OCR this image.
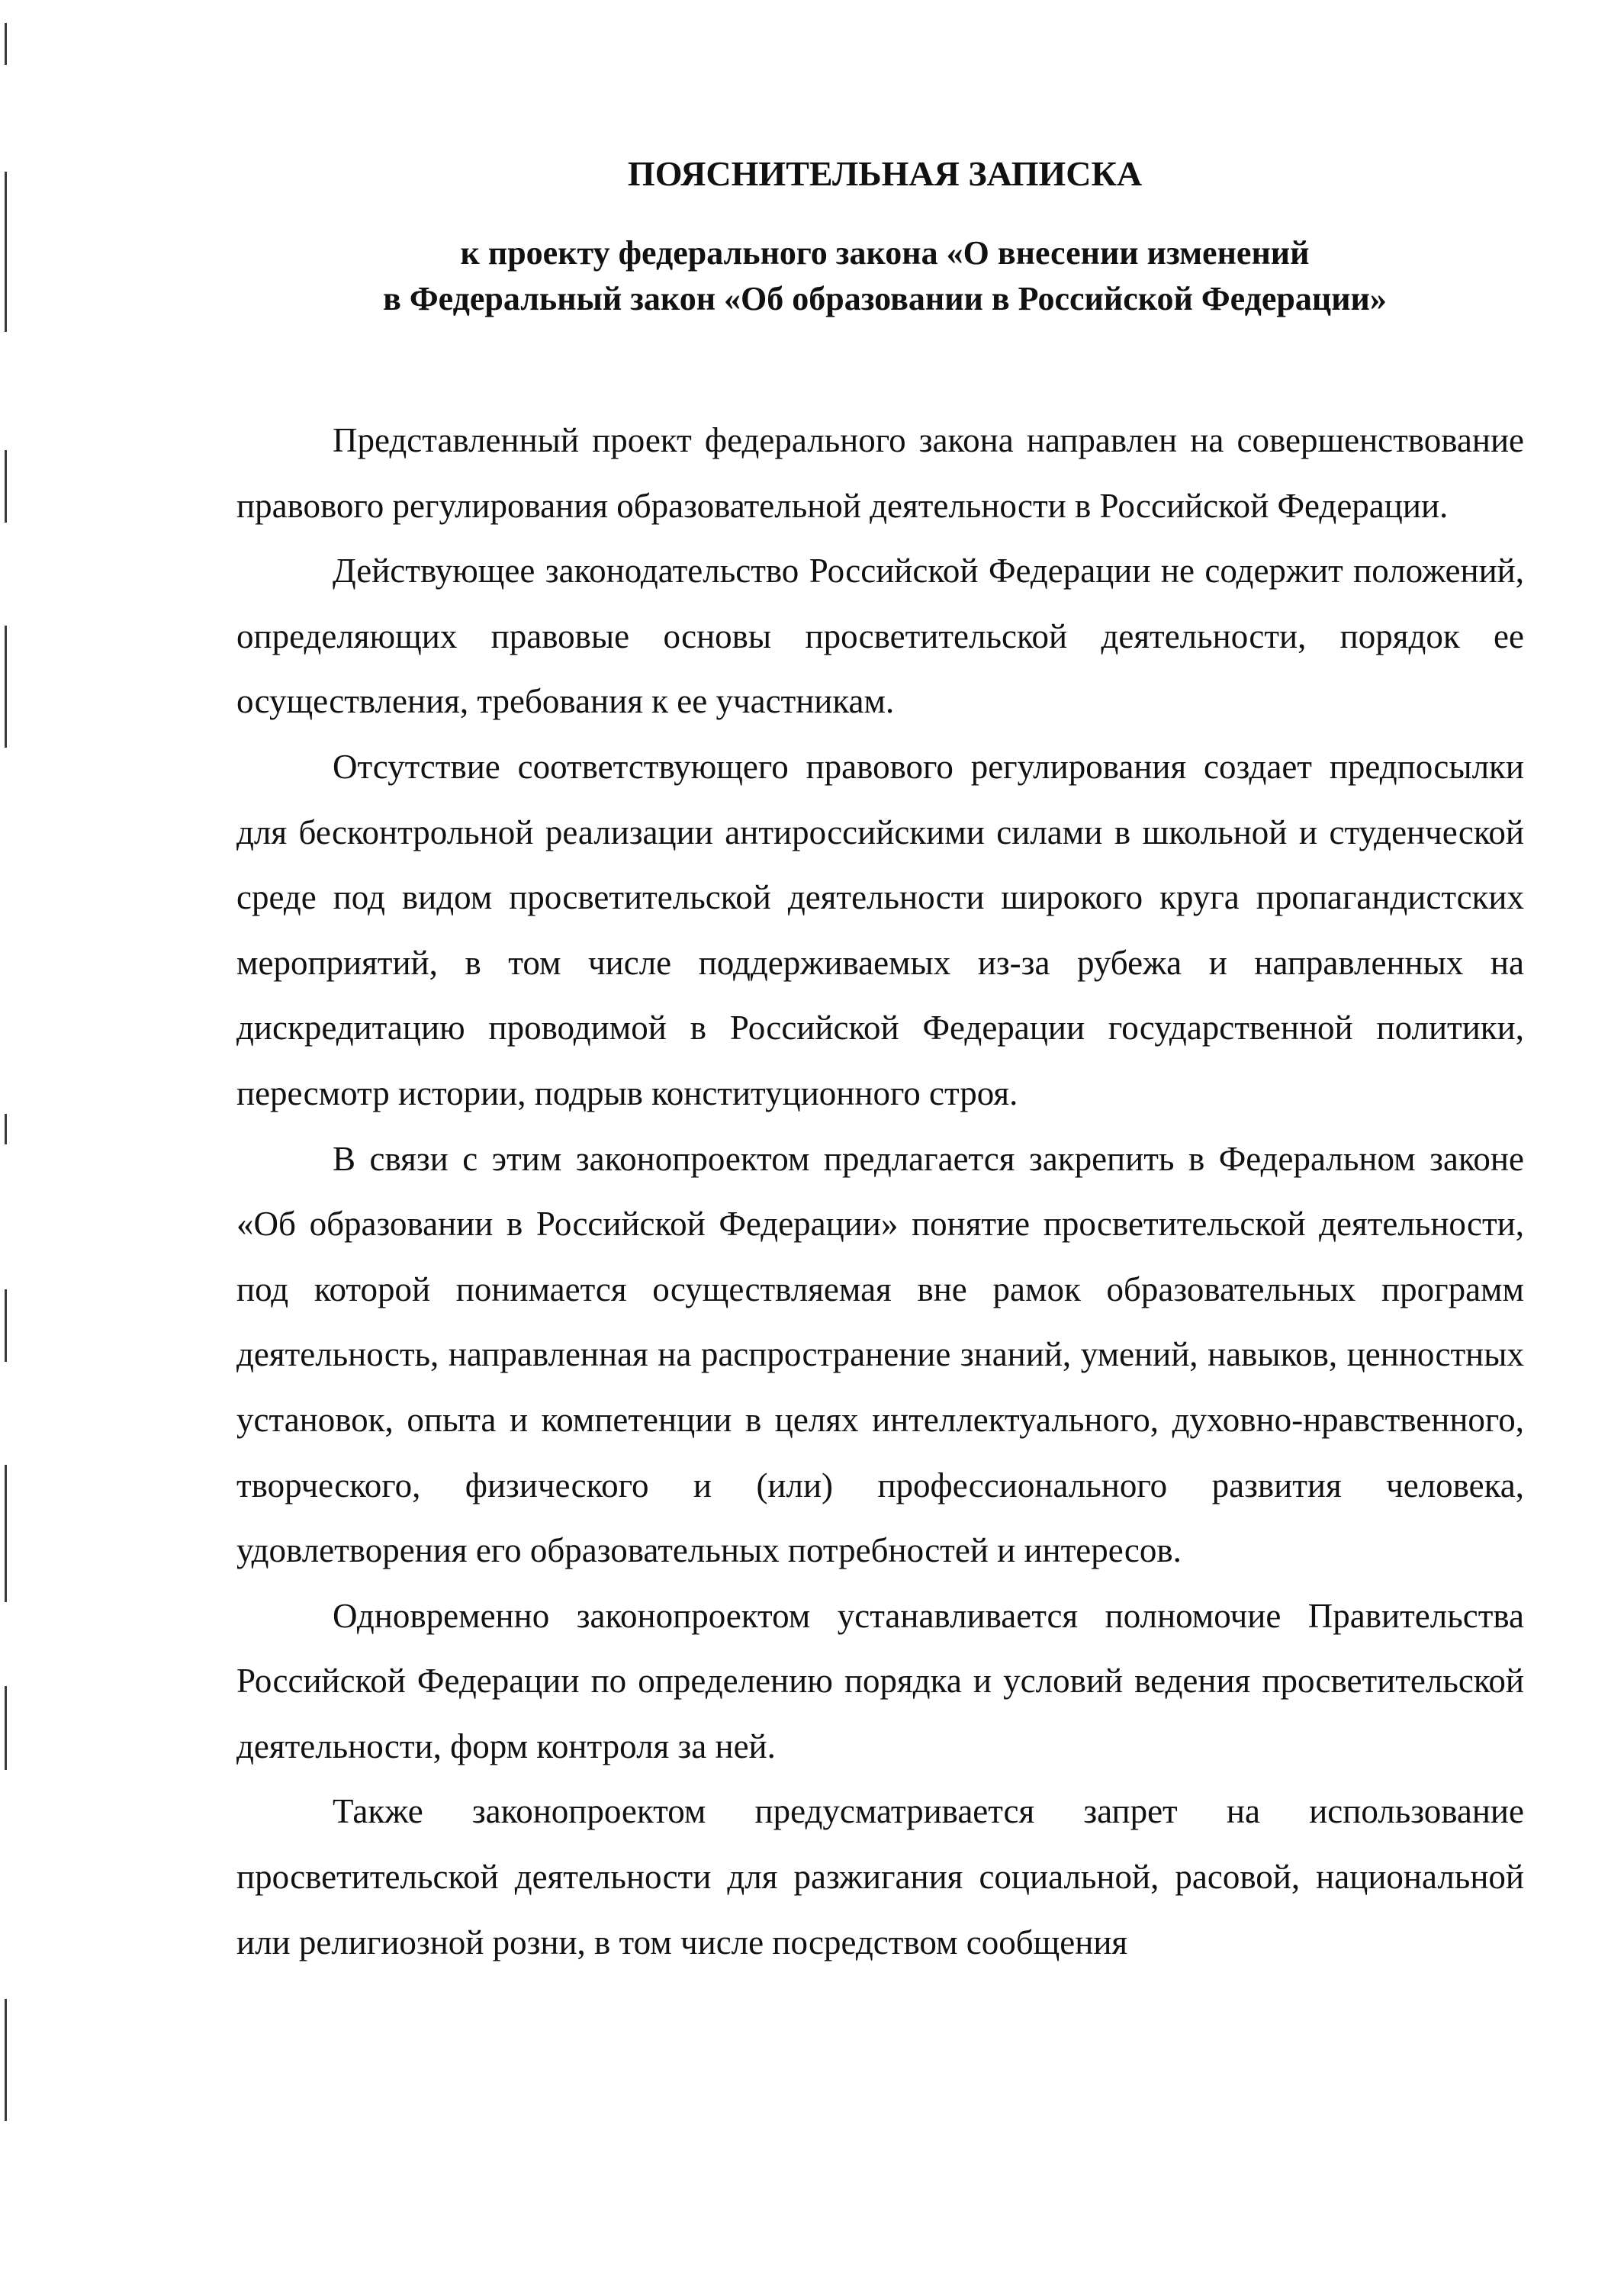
ПОЯСНИТЕЛЬНАЯ ЗАПИСКА
к проекту федерального закона «О внесении изменений
в Федеральный закон «Об образовании в Российской Федерации»

Представленный проект федерального закона направлен на совершенствование правового регулирования образовательной деятельности в Российской Федерации.

Действующее законодательство Российской Федерации не содержит положений, определяющих правовые основы просветительской деятельности, порядок ее осуществления, требования к ее участникам.

Отсутствие соответствующего правового регулирования создает предпосылки для бесконтрольной реализации антироссийскими силами в школьной и студенческой среде под видом просветительской деятельности широкого круга пропагандистских мероприятий, в том числе поддерживаемых из-за рубежа и направленных на дискредитацию проводимой в Российской Федерации государственной политики, пересмотр истории, подрыв конституционного строя.

В связи с этим законопроектом предлагается закрепить в Федеральном законе «Об образовании в Российской Федерации» понятие просветительской деятельности, под которой понимается осуществляемая вне рамок образовательных программ деятельность, направленная на распространение знаний, умений, навыков, ценностных установок, опыта и компетенции в целях интеллектуального, духовно-нравственного, творческого, физического и (или) профессионального развития человека, удовлетворения его образовательных потребностей и интересов.

Одновременно законопроектом устанавливается полномочие Правительства Российской Федерации по определению порядка и условий ведения просветительской деятельности, форм контроля за ней.

Также законопроектом предусматривается запрет на использование просветительской деятельности для разжигания социальной, расовой, национальной или религиозной розни, в том числе посредством сообщения
